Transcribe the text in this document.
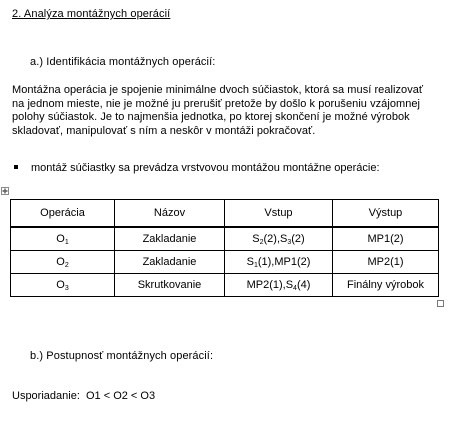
2. Analýza montážnych operácií
a.) Identifikácia montážnych operácií:
Montážna operácia je spojenie minimálne dvoch súčiastok, ktorá sa musí realizovať
na jednom mieste, nie je možné ju prerušiť pretože by došlo k porušeniu vzájomnej
polohy súčiastok. Je to najmenšia jednotka, po ktorej skončení je možné výrobok
skladovať, manipulovať s ním a neskôr v montáži pokračovať.
montáž súčiastky sa prevádza vrstvovou montážou montážne operácie:
Operácia	Názov	Vstup	Výstup
$O_1$	Zakladanie	$S_2(2),S_3(2)$	MP1(2)
$O_2$	Zakladanie	$S_1(1),MP1(2)$	MP2(1)
$O_3$	Skrutkovanie	$MP2(1),S_4(4)$	Finálny výrobok
b.) Postupnosť montážnych operácií:
Usporiadanie:  O1 < O2 < O3
